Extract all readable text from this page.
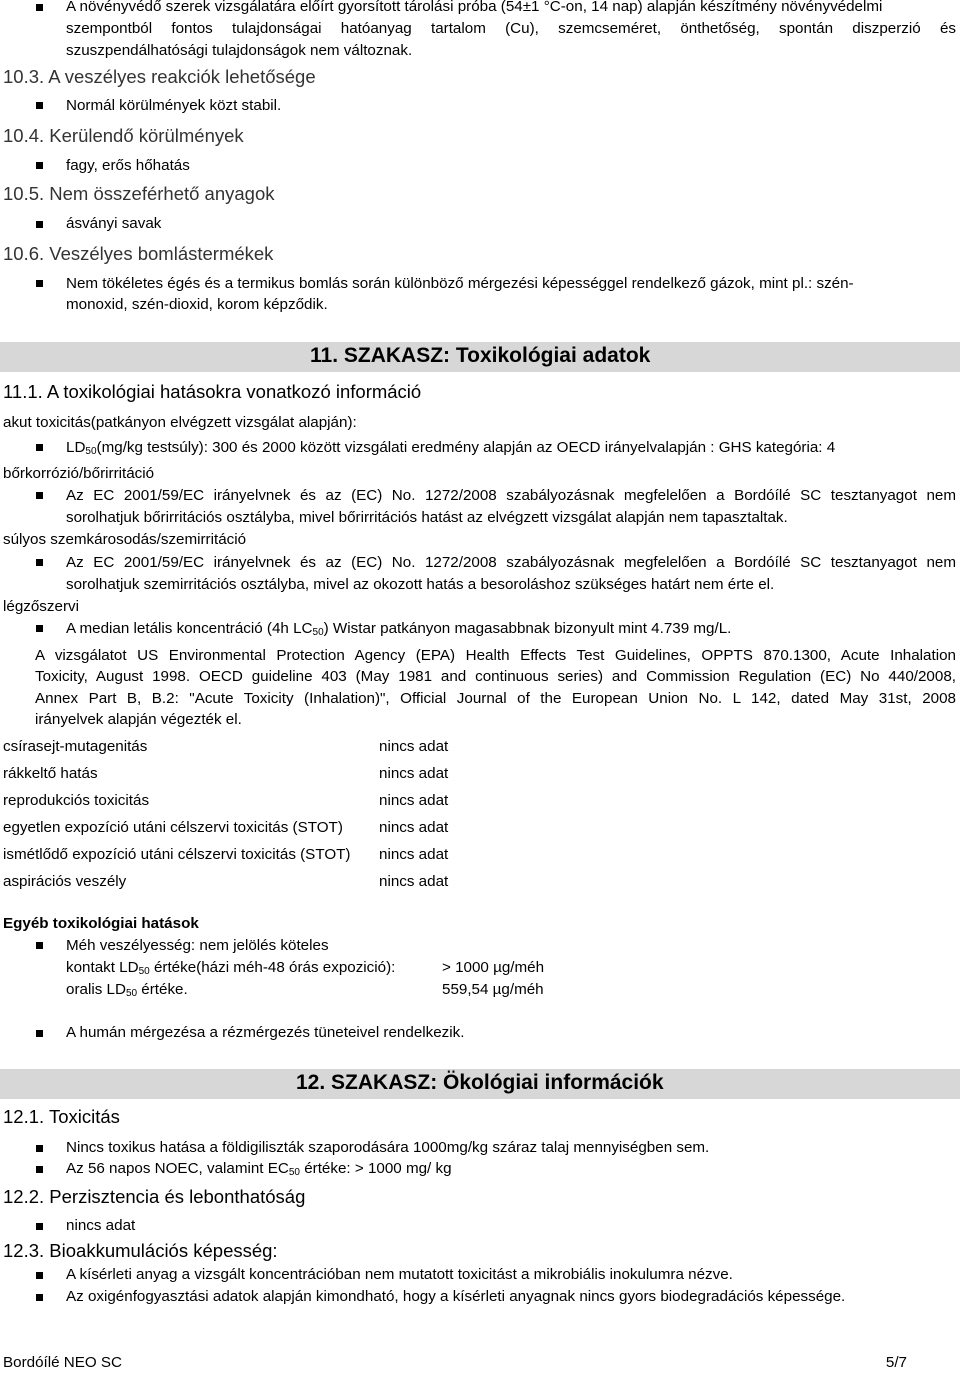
A növényvédő szerek vizsgálatára előírt gyorsított tárolási próba (54±1 °C-on, 14 nap) alapján készítmény növényvédelmi
szempontból fontos tulajdonságai hatóanyag tartalom (Cu), szemcseméret, önthetőség, spontán diszperzió és
szuszpendálhatósági tulajdonságok nem változnak.
10.3. A veszélyes reakciók lehetősége
Normál körülmények közt stabil.
10.4. Kerülendő körülmények
fagy, erős hőhatás
10.5. Nem összeférhető anyagok
ásványi savak
10.6. Veszélyes bomlástermékek
Nem tökéletes égés és a termikus bomlás során különböző mérgezési képességgel rendelkező gázok, mint pl.: szén-
monoxid, szén-dioxid, korom képződik.
11. SZAKASZ: Toxikológiai adatok
11.1. A toxikológiai hatásokra vonatkozó információ
akut toxicitás(patkányon elvégzett vizsgálat alapján):
$LD_{50}(mg/kg$ testsúly): 300 és 2000 között vizsgálati eredmény alapján az OECD irányelvalapján : GHS kategória: 4
bőrkorrózió/bőrirritáció
Az EC 2001/59/EC irányelvnek és az (EC) No. 1272/2008 szabályozásnak megfelelően a Bordóílé SC tesztanyagot nem
sorolhatjuk bőrirritációs osztályba, mivel bőrirritációs hatást az elvégzett vizsgálat alapján nem tapasztaltak.
súlyos szemkárosodás/szemirritáció
Az EC 2001/59/EC irányelvnek és az (EC) No. 1272/2008 szabályozásnak megfelelően a Bordóílé SC tesztanyagot nem
sorolhatjuk szemirritációs osztályba, mivel az okozott hatás a besoroláshoz szükséges határt nem érte el.
légzőszervi
A median letális koncentráció (4h $LC_{50}$) Wistar patkányon magasabbnak bizonyult mint 4.739 mg/L.
A vizsgálatot US Environmental Protection Agency (EPA) Health Effects Test Guidelines, OPPTS 870.1300, Acute Inhalation
Toxicity, August 1998. OECD guideline 403 (May 1981 and continuous series) and Commission Regulation (EC) No 440/2008,
Annex Part B, B.2: "Acute Toxicity (Inhalation)", Official Journal of the European Union No. L 142, dated May 31st, 2008
irányelvek alapján végezték el.
csírasejt-mutagenitás	nincs adat
rákkeltő hatás	nincs adat
reprodukciós toxicitás	nincs adat
egyetlen expozíció utáni célszervi toxicitás (STOT) nincs adat
ismétlődő expozíció utáni célszervi toxicitás (STOT) nincs adat
aspirációs veszély	nincs adat
Egyéb toxikológiai hatások
Méh veszélyesség: nem jelölés köteles
kontakt $LD_{50}$ értéke(házi méh-48 órás expozició):	> 1000 µg/méh
oralis $LD_{50}$ értéke.	559,54 µg/méh
A humán mérgezésa a rézmérgezés tüneteivel rendelkezik.
12. SZAKASZ: Ökológiai információk
12.1. Toxicitás
Nincs toxikus hatása a földigiliszták szaporodására 1000mg/kg száraz talaj mennyiségben sem.
Az 56 napos NOEC, valamint $EC_{50}$ értéke: > 1000 mg/ kg
12.2. Perzisztencia és lebonthatóság
nincs adat
12.3. Bioakkumulációs képesség:
A kísérleti anyag a vizsgált koncentrációban nem mutatott toxicitást a mikrobiális inokulumra nézve.
Az oxigénfogyasztási adatok alapján kimondható, hogy a kísérleti anyagnak nincs gyors biodegradációs képessége.
Bordóílé NEO SC	5/7
